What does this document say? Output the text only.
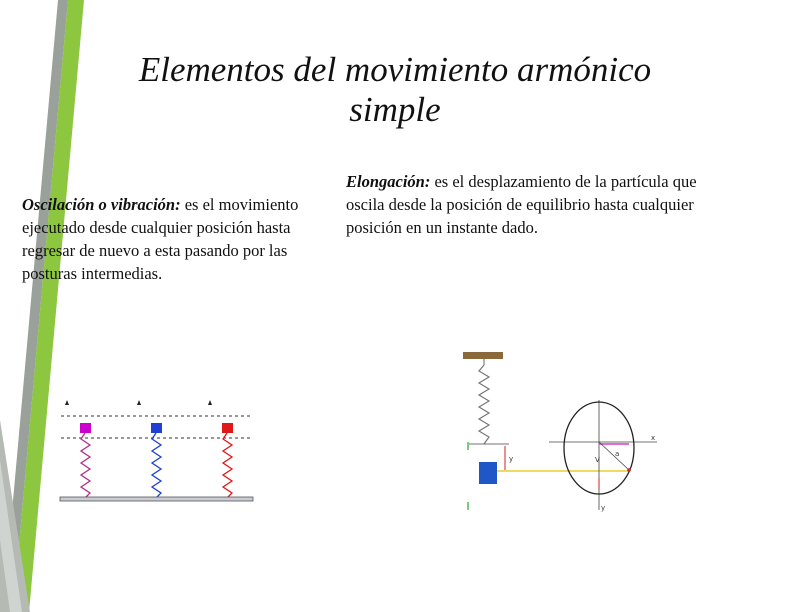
Elementos del movimiento armónico simple

Oscilación o vibración: es el movimiento ejecutado desde cualquier posición hasta regresar de nuevo a esta pasando por las posturas intermedias.

Elongación: es el desplazamiento de la partícula que oscila desde la posición de equilibrio hasta cualquier posición en un instante dado.

y
x
y
V
a
